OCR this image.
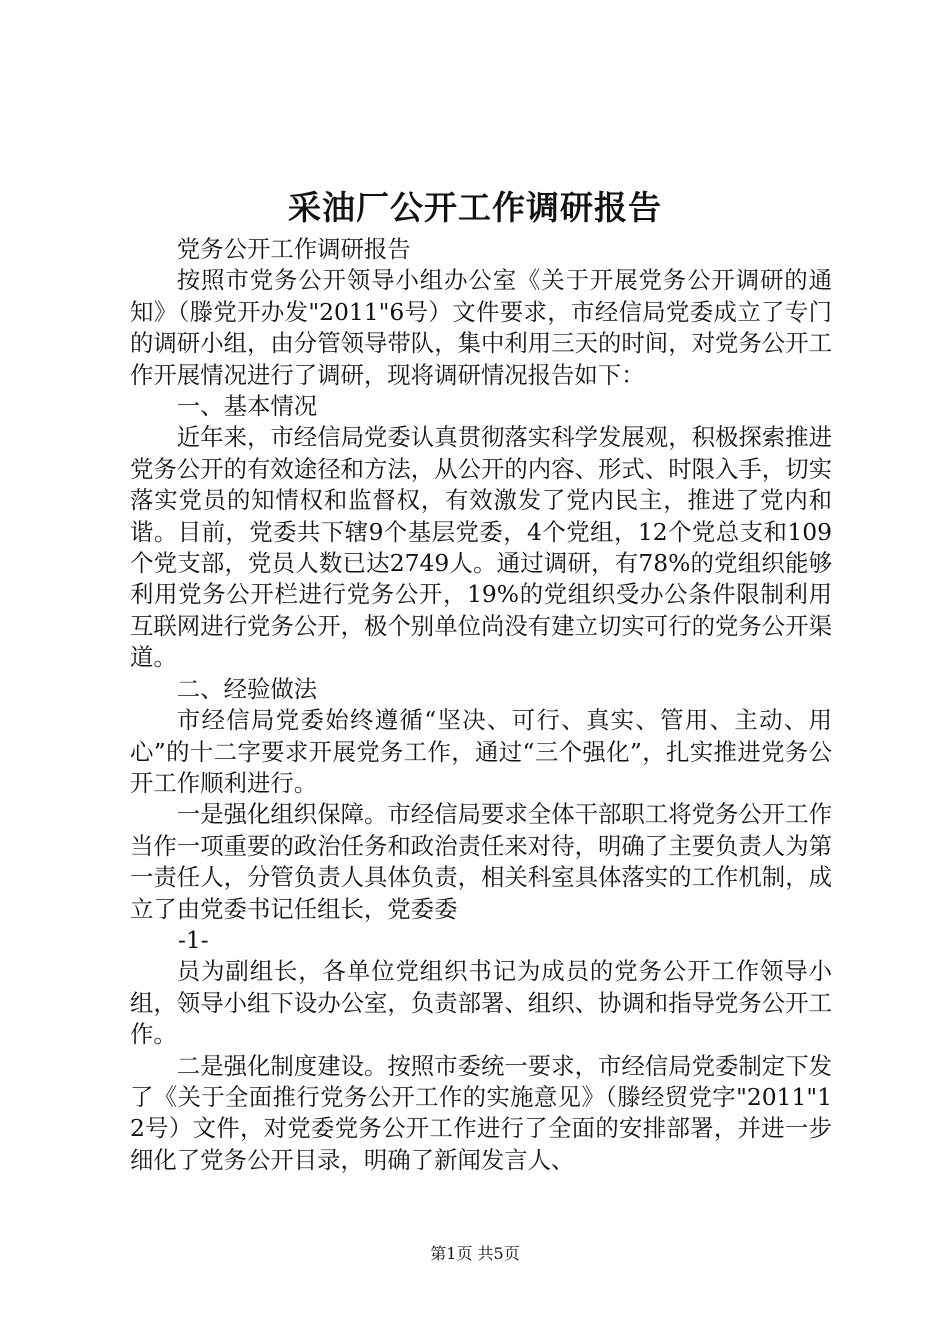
采油厂公开工作调研报告

党务公开工作调研报告

按照市党务公开领导小组办公室《关于开展党务公开调研的通知》（滕党开办发"2011"6号）文件要求，市经信局党委成立了专门的调研小组，由分管领导带队，集中利用三天的时间，对党务公开工作开展情况进行了调研，现将调研情况报告如下：

一、基本情况

近年来，市经信局党委认真贯彻落实科学发展观，积极探索推进党务公开的有效途径和方法，从公开的内容、形式、时限入手，切实落实党员的知情权和监督权，有效激发了党内民主，推进了党内和谐。目前，党委共下辖9个基层党委，4个党组，12个党总支和109个党支部，党员人数已达2749人。通过调研，有78%的党组织能够利用党务公开栏进行党务公开，19%的党组织受办公条件限制利用互联网进行党务公开，极个别单位尚没有建立切实可行的党务公开渠道。

二、经验做法

市经信局党委始终遵循“坚决、可行、真实、管用、主动、用心”的十二字要求开展党务工作，通过“三个强化”，扎实推进党务公开工作顺利进行。

一是强化组织保障。市经信局要求全体干部职工将党务公开工作当作一项重要的政治任务和政治责任来对待，明确了主要负责人为第一责任人，分管负责人具体负责，相关科室具体落实的工作机制，成立了由党委书记任组长，党委委

-1-

员为副组长，各单位党组织书记为成员的党务公开工作领导小组，领导小组下设办公室，负责部署、组织、协调和指导党务公开工作。

二是强化制度建设。按照市委统一要求，市经信局党委制定下发了《关于全面推行党务公开工作的实施意见》（滕经贸党字"2011"12号）文件，对党委党务公开工作进行了全面的安排部署，并进一步细化了党务公开目录，明确了新闻发言人、

第1页 共5页
